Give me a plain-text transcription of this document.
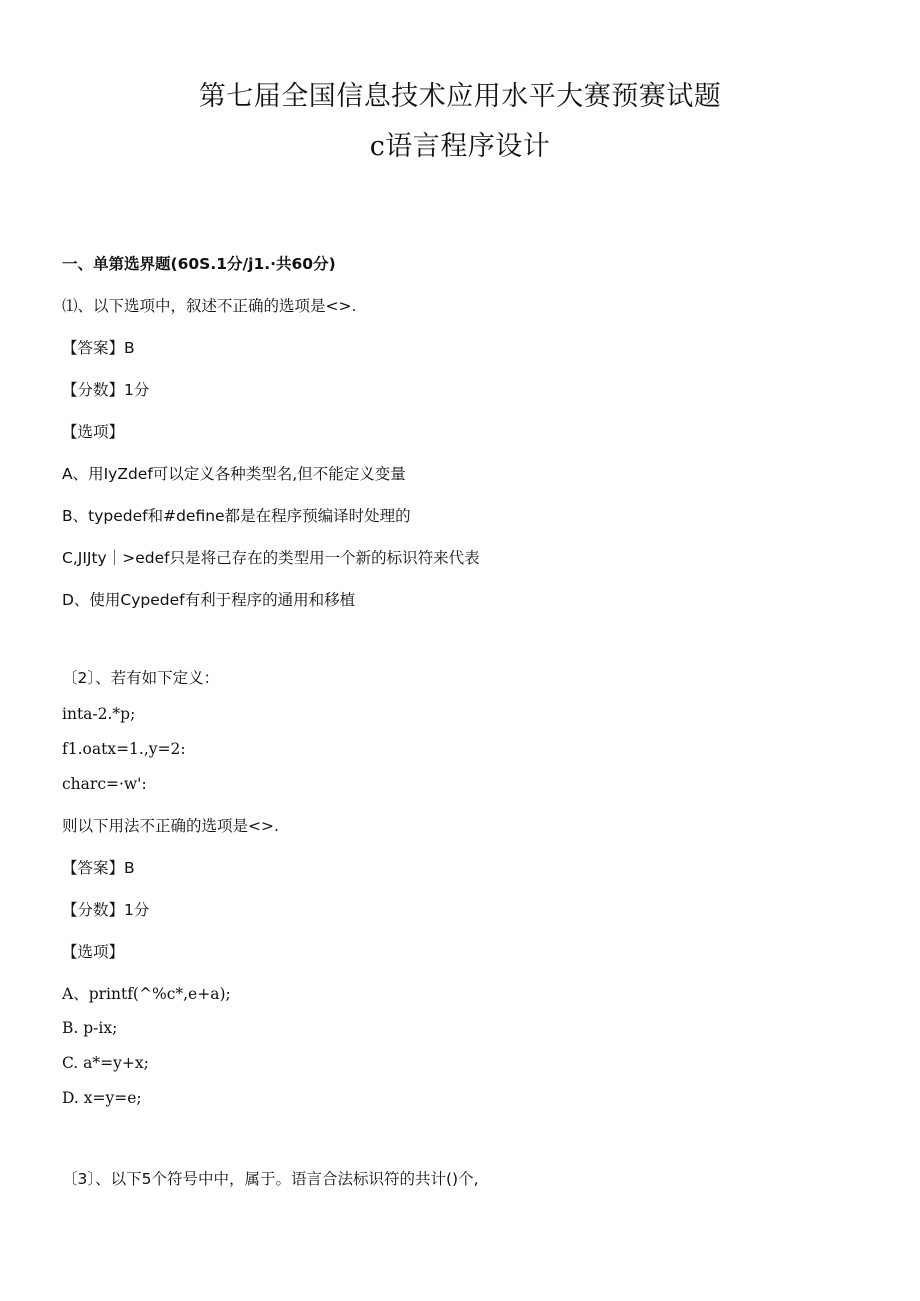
第七届全国信息技术应用水平大赛预赛试题
c语言程序设计
一、单第选界题(60S.1分/j1.·共60分)
⑴、以下选项中，叙述不正确的选项是<>.
【答案】B
【分数】1分
【选项】
A、用IyZdef可以定义各种类型名,但不能定义变量
B、typedef和#define都是在程序预编译时处理的
C,JIJty｜>edef只是将己存在的类型用一个新的标识符来代表
D、使用Cypedef有利于程序的通用和移植
〔2〕、若有如下定义：
inta-2.*p;
f1.oatx=1.,y=2:
charc=·w':
则以下用法不正确的选项是<>.
【答案】B
【分数】1分
【选项】
A、printf(^%c*,e+a);
B. p-ix;
C. a*=y+x;
D. x=y=e;
〔3〕、以下5个符号中中，属于。语言合法标识符的共计()个,
